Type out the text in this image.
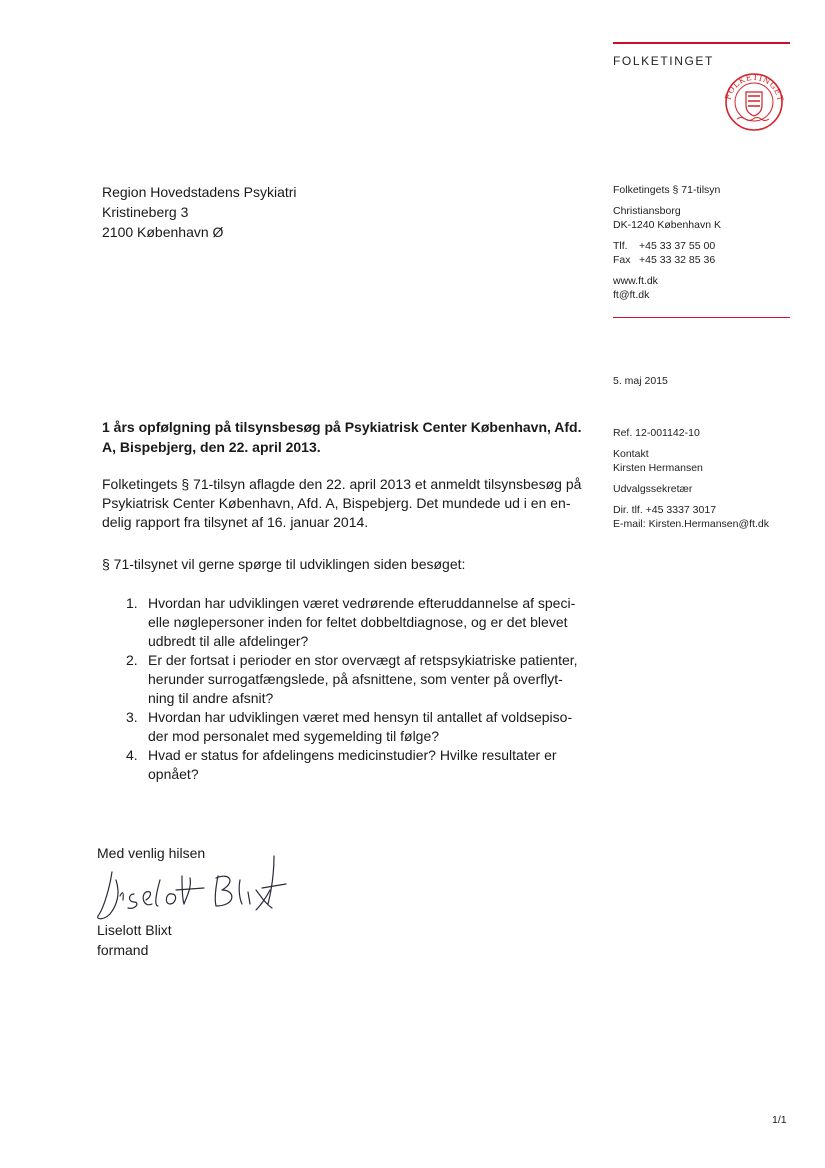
FOLKETINGET
FOLKETINGET
Region Hovedstadens Psykiatri
Kristineberg 3
2100 København Ø
Folketingets § 71-tilsyn
Christiansborg
DK-1240 København K
Tlf.	+45 33 37 55 00
Fax +45 33 32 85 36
www.ft.dk
ft@ft.dk
5. maj 2015
Ref. 12-001142-10
Kontakt
Kirsten Hermansen
Udvalgssekretær
Dir. tlf. +45 3337 3017
E-mail: Kirsten.Hermansen@ft.dk
1 års opfølgning på tilsynsbesøg på Psykiatrisk Center København, Afd.
A, Bispebjerg, den 22. april 2013.
Folketingets § 71-tilsyn aflagde den 22. april 2013 et anmeldt tilsynsbesøg på
Psykiatrisk Center København, Afd. A, Bispebjerg. Det mundede ud i en en-
delig rapport fra tilsynet af 16. januar 2014.
§ 71-tilsynet vil gerne spørge til udviklingen siden besøget:
1. Hvordan har udviklingen været vedrørende efteruddannelse af speci-
elle nøglepersoner inden for feltet dobbeltdiagnose, og er det blevet
udbredt til alle afdelinger?
2. Er der fortsat i perioder en stor overvægt af retspsykiatriske patienter,
herunder surrogatfængslede, på afsnittene, som venter på overflyt-
ning til andre afsnit?
3. Hvordan har udviklingen været med hensyn til antallet af voldsepiso-
der mod personalet med sygemelding til følge?
4. Hvad er status for afdelingens medicinstudier? Hvilke resultater er
opnået?
Med venlig hilsen
Liselott Blixt
formand
1/1
